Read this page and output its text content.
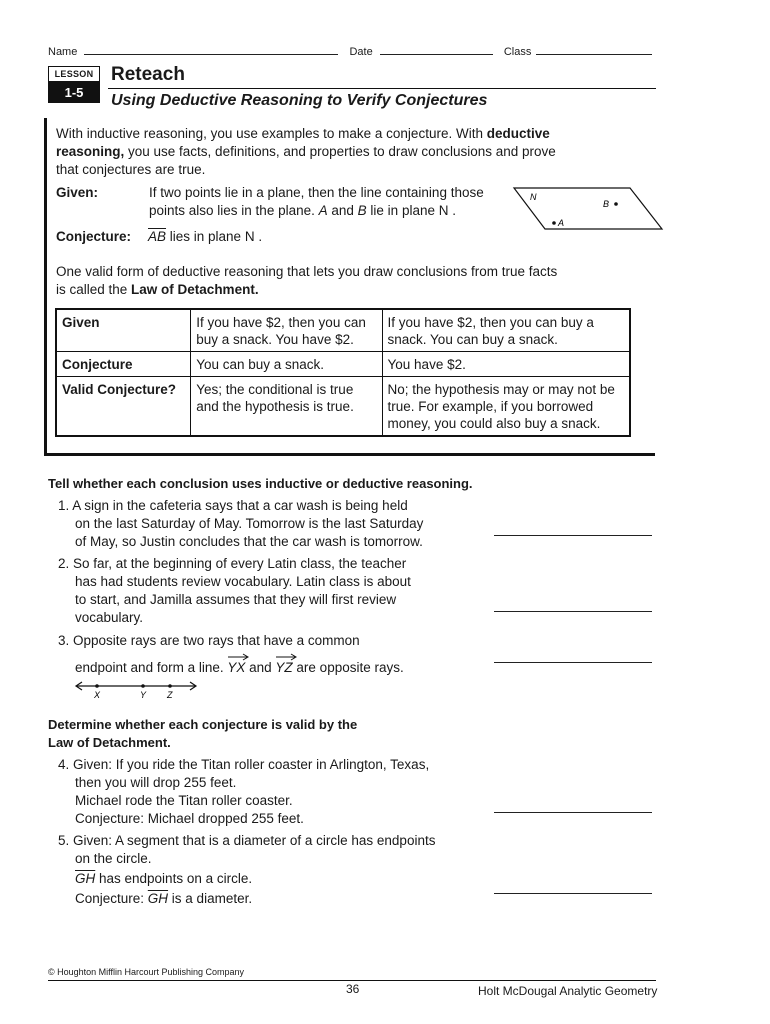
Name	Date	Class
LESSON
1-5
Reteach
Using Deductive Reasoning to Verify Conjectures
With inductive reasoning, you use examples to make a conjecture. With deductive
reasoning, you use facts, definitions, and properties to draw conclusions and prove
that conjectures are true.
Given:	If two points lie in a plane, then the line containing those
points also lies in the plane. A and B lie in plane N .
Conjecture: $\overline{AB}$ lies in plane N .
N
B
A
One valid form of deductive reasoning that lets you draw conclusions from true facts
is called the Law of Detachment.
Given	If you have $2, then you can buy a snack. You have $2.	If you have $2, then you can buy a snack. You can buy a snack.
Conjecture	You can buy a snack.	You have $2.
Valid Conjecture?	Yes; the conditional is true and the hypothesis is true.	No; the hypothesis may or may not be true. For example, if you borrowed money, you could also buy a snack.
Tell whether each conclusion uses inductive or deductive reasoning.
1. A sign in the cafeteria says that a car wash is being held
on the last Saturday of May. Tomorrow is the last Saturday
of May, so Justin concludes that the car wash is tomorrow.
2. So far, at the beginning of every Latin class, the teacher
has had students review vocabulary. Latin class is about
to start, and Jamilla assumes that they will first review
vocabulary.
3. Opposite rays are two rays that have a common
endpoint and form a line.
YX and
YZ are opposite rays.
X	Y Z
Determine whether each conjecture is valid by the
Law of Detachment.
4. Given: If you ride the Titan roller coaster in Arlington, Texas,
then you will drop 255 feet.
Michael rode the Titan roller coaster.
Conjecture: Michael dropped 255 feet.
5. Given: A segment that is a diameter of a circle has endpoints
on the circle.
$\overline{GH}$ has endpoints on a circle.
Conjecture: $\overline{GH}$ is a diameter.
© Houghton Mifflin Harcourt Publishing Company
36	Holt McDougal Analytic Geometry
